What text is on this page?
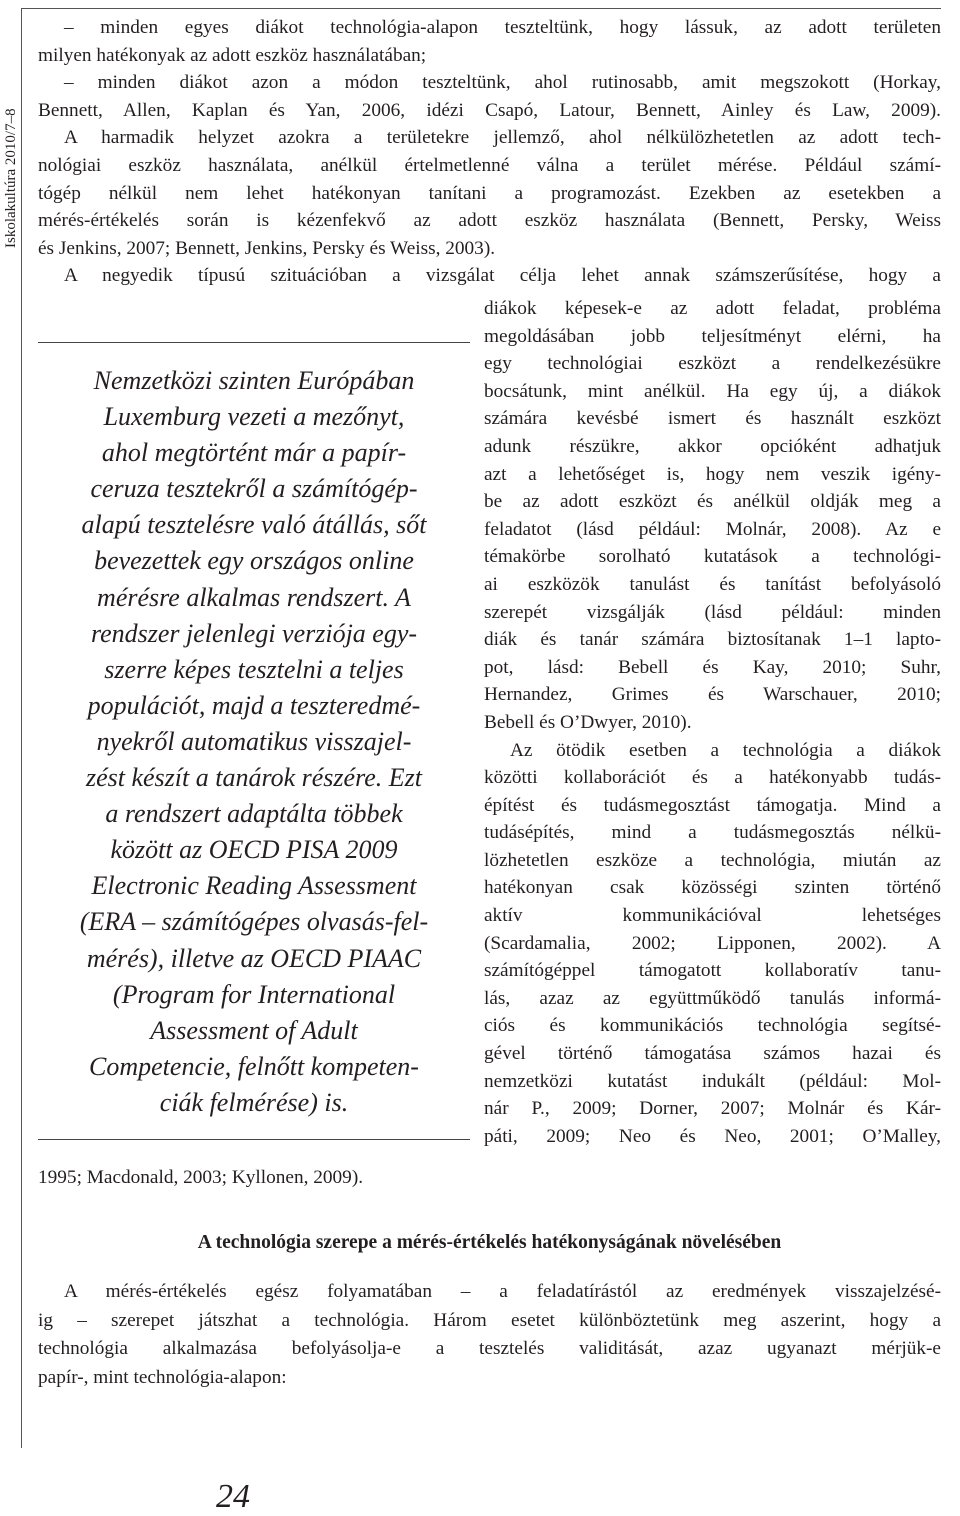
Iskolakultúra 2010/7–8
– minden egyes diákot technológia-alapon teszteltünk, hogy lássuk, az adott területen
milyen hatékonyak az adott eszköz használatában;
– minden diákot azon a módon teszteltünk, ahol rutinosabb, amit megszokott (Horkay,
Bennett, Allen, Kaplan és Yan, 2006, idézi Csapó, Latour, Bennett, Ainley és Law, 2009).
A harmadik helyzet azokra a területekre jellemző, ahol nélkülözhetetlen az adott tech-
nológiai eszköz használata, anélkül értelmetlenné válna a terület mérése. Például számí-
tógép nélkül nem lehet hatékonyan tanítani a programozást. Ezekben az esetekben a
mérés-értékelés során is kézenfekvő az adott eszköz használata (Bennett, Persky, Weiss
és Jenkins, 2007; Bennett, Jenkins, Persky és Weiss, 2003).
A negyedik típusú szituációban a vizsgálat célja lehet annak számszerűsítése, hogy a
diákok képesek-e az adott feladat, probléma
megoldásában jobb teljesítményt elérni, ha
egy technológiai eszközt a rendelkezésükre
bocsátunk, mint anélkül. Ha egy új, a diákok
számára kevésbé ismert és használt eszközt
adunk részükre, akkor opcióként adhatjuk
azt a lehetőséget is, hogy nem veszik igény-
be az adott eszközt és anélkül oldják meg a
feladatot (lásd például: Molnár, 2008). Az e
témakörbe sorolható kutatások a technológi-
ai eszközök tanulást és tanítást befolyásoló
szerepét vizsgálják (lásd például: minden
diák és tanár számára biztosítanak 1–1 lapto-
pot, lásd: Bebell és Kay, 2010; Suhr,
Hernandez, Grimes és Warschauer, 2010;
Bebell és O’Dwyer, 2010).
Az ötödik esetben a technológia a diákok
közötti kollaborációt és a hatékonyabb tudás-
építést és tudásmegosztást támogatja. Mind a
tudásépítés, mind a tudásmegosztás nélkü-
lözhetetlen eszköze a technológia, miután az
hatékonyan csak közösségi szinten történő
aktív kommunikációval lehetséges
(Scardamalia, 2002; Lipponen, 2002). A
számítógéppel támogatott kollaboratív tanu-
lás, azaz az együttműködő tanulás informá-
ciós és kommunikációs technológia segítsé-
gével történő támogatása számos hazai és
nemzetközi kutatást indukált (például: Mol-
nár P., 2009; Dorner, 2007; Molnár és Kár-
páti, 2009; Neo és Neo, 2001; O’Malley,
Nemzetközi szinten Európában
Luxemburg vezeti a mezőnyt,
ahol megtörtént már a papír-
ceruza tesztekről a számítógép-
alapú tesztelésre való átállás, sőt
bevezettek egy országos online
mérésre alkalmas rendszert. A
rendszer jelenlegi verziója egy-
szerre képes tesztelni a teljes
populációt, majd a teszteredmé-
nyekről automatikus visszajel-
zést készít a tanárok részére. Ezt
a rendszert adaptálta többek
között az OECD PISA 2009
Electronic Reading Assessment
(ERA – számítógépes olvasás-fel-
mérés), illetve az OECD PIAAC
(Program for International
Assessment of Adult
Competencie, felnőtt kompeten-
ciák felmérése) is.
1995; Macdonald, 2003; Kyllonen, 2009).
A technológia szerepe a mérés-értékelés hatékonyságának növelésében
A mérés-értékelés egész folyamatában – a feladatírástól az eredmények visszajelzésé-
ig – szerepet játszhat a technológia. Három esetet különböztetünk meg aszerint, hogy a
technológia alkalmazása befolyásolja-e a tesztelés validitását, azaz ugyanazt mérjük-e
papír-, mint technológia-alapon:
24
